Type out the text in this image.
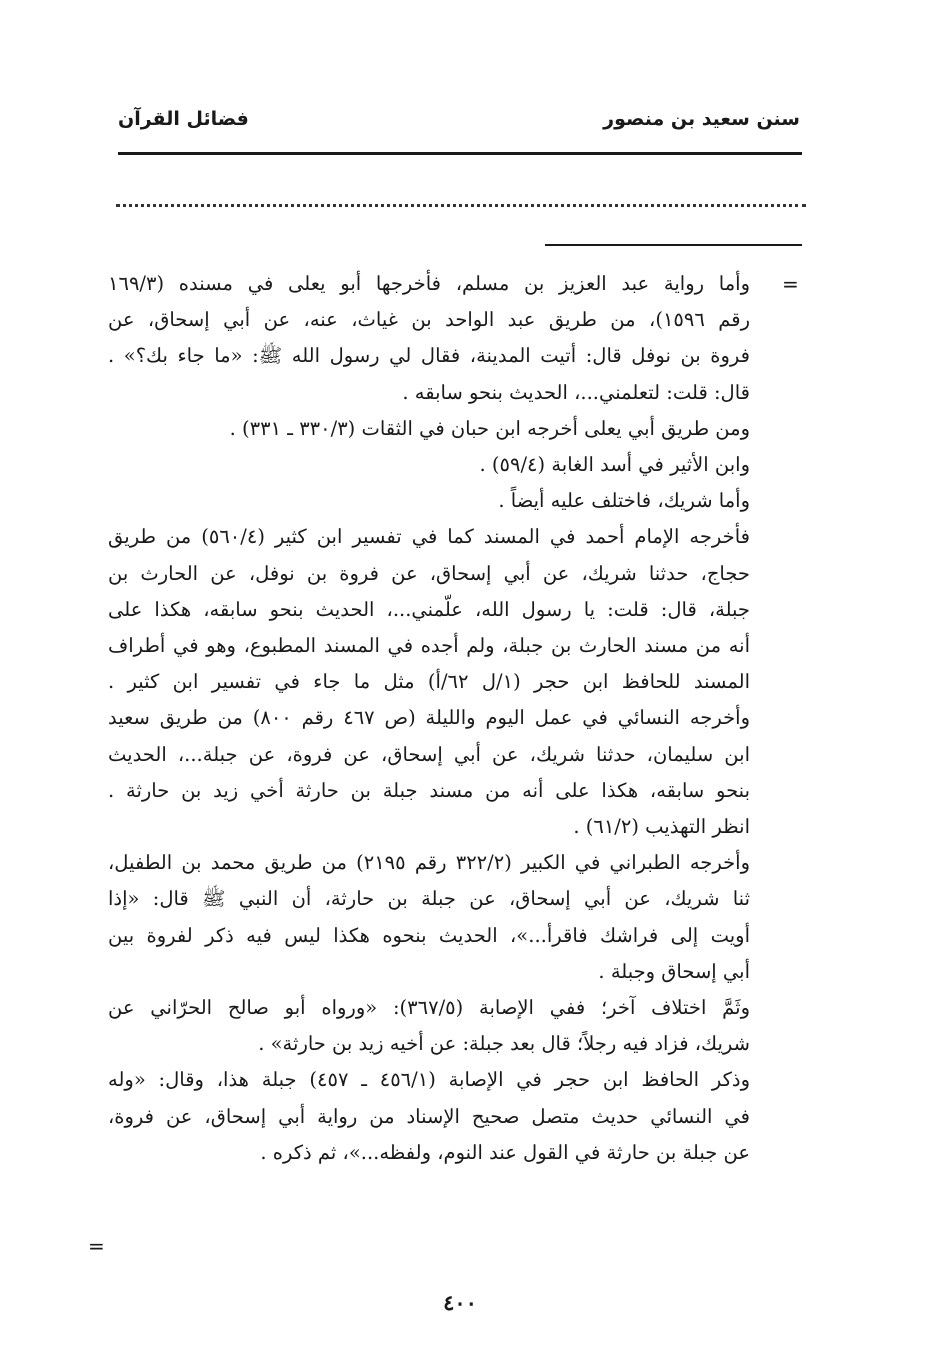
سنن سعيد بن منصور
فضائل القرآن
=
وأما رواية عبد العزيز بن مسلم، فأخرجها أبو يعلى في مسنده (١٦٩/٣
رقم ١٥٩٦)، من طريق عبد الواحد بن غياث، عنه، عن أبي إسحاق، عن
فروة بن نوفل قال: أتيت المدينة، فقال لي رسول الله ﷺ: «ما جاء بك؟» .
قال: قلت: لتعلمني...، الحديث بنحو سابقه .
ومن طريق أبي يعلى أخرجه ابن حبان في الثقات (٣٣٠/٣ ـ ٣٣١) .
وابن الأثير في أسد الغابة (٥٩/٤) .
وأما شريك، فاختلف عليه أيضاً .
فأخرجه الإمام أحمد في المسند كما في تفسير ابن كثير (٥٦٠/٤) من طريق
حجاج، حدثنا شريك، عن أبي إسحاق، عن فروة بن نوفل، عن الحارث بن
جبلة، قال: قلت: يا رسول الله، علّمني...، الحديث بنحو سابقه، هكذا على
أنه من مسند الحارث بن جبلة، ولم أجده في المسند المطبوع، وهو في أطراف
المسند للحافظ ابن حجر (١/ل ٦٢/أ) مثل ما جاء في تفسير ابن كثير .
وأخرجه النسائي في عمل اليوم والليلة (ص ٤٦٧ رقم ٨٠٠) من طريق سعيد
ابن سليمان، حدثنا شريك، عن أبي إسحاق، عن فروة، عن جبلة...، الحديث
بنحو سابقه، هكذا على أنه من مسند جبلة بن حارثة أخي زيد بن حارثة .
انظر التهذيب (٦١/٢) .
وأخرجه الطبراني في الكبير (٣٢٢/٢ رقم ٢١٩٥) من طريق محمد بن الطفيل،
ثنا شريك، عن أبي إسحاق، عن جبلة بن حارثة، أن النبي ﷺ قال: «إذا
أويت إلى فراشك فاقرأ...»، الحديث بنحوه هكذا ليس فيه ذكر لفروة بين
أبي إسحاق وجبلة .
وثَمَّ اختلاف آخر؛ ففي الإصابة (٣٦٧/٥): «ورواه أبو صالح الحرّاني عن
شريك، فزاد فيه رجلاً؛ قال بعد جبلة: عن أخيه زيد بن حارثة» .
وذكر الحافظ ابن حجر في الإصابة (٤٥٦/١ ـ ٤٥٧) جبلة هذا، وقال: «وله
في النسائي حديث متصل صحيح الإسناد من رواية أبي إسحاق، عن فروة،
عن جبلة بن حارثة في القول عند النوم، ولفظه...»، ثم ذكره .
=
٤٠٠
